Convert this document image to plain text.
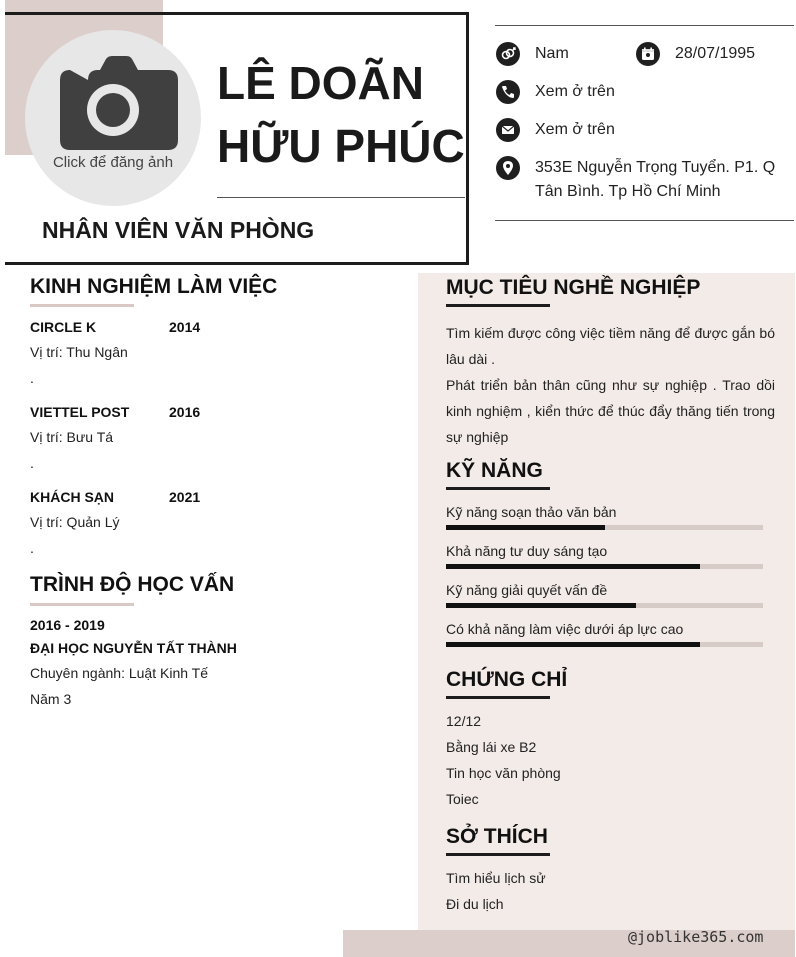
Click để đăng ảnh
LÊ DOÃN
HỮU PHÚC
NHÂN VIÊN VĂN PHÒNG
Nam	28/07/1995
Xem ở trên
Xem ở trên
353E Nguyễn Trọng Tuyển. P1. Q
Tân Bình. Tp Hồ Chí Minh
KINH NGHIỆM LÀM VIỆC
CIRCLE K	2014
Vị trí: Thu Ngân
.
VIETTEL POST	2016
Vị trí: Bưu Tá
.
KHÁCH SẠN	2021
Vị trí: Quản Lý
.
TRÌNH ĐỘ HỌC VẤN
2016 - 2019
ĐẠI HỌC NGUYỄN TẤT THÀNH
Chuyên ngành: Luật Kinh Tế
Năm 3
MỤC TIÊU NGHỀ NGHIỆP
Tìm kiếm được công việc tiềm năng để được gắn bó
lâu dài .
Phát triển bản thân cũng như sự nghiệp . Trao dồi
kinh nghiệm , kiển thức để thúc đẩy thăng tiến trong
sự nghiệp
KỸ NĂNG
Kỹ năng soạn thảo văn bản
Khả năng tư duy sáng tạo
Kỹ năng giải quyết vấn đề
Có khả năng làm việc dưới áp lực cao
CHỨNG CHỈ
12/12
Bằng lái xe B2
Tin học văn phòng
Toiec
SỞ THÍCH
Tìm hiểu lịch sử
Đi du lịch
@joblike365.com
